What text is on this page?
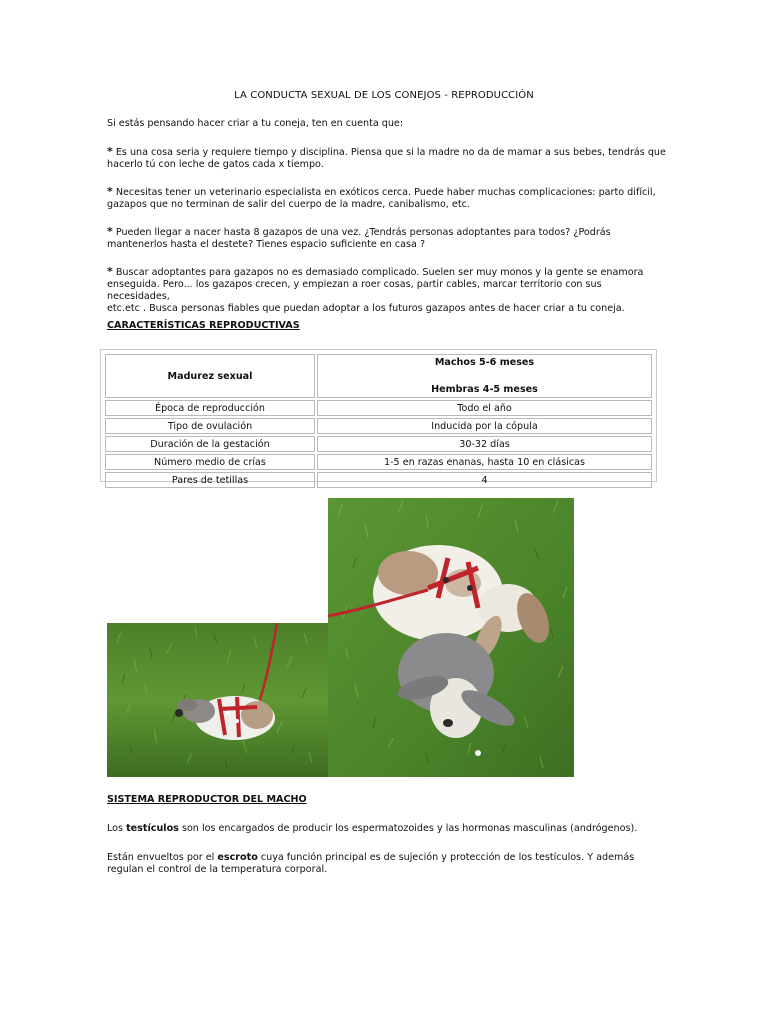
LA CONDUCTA SEXUAL DE LOS CONEJOS - REPRODUCCIÓN
Si estás pensando hacer criar a tu coneja, ten en cuenta que:
* Es una cosa seria y requiere tiempo y disciplina. Piensa que si la madre no da de mamar a sus bebes, tendrás que
hacerlo tú con leche de gatos cada x tiempo.
* Necesitas tener un veterinario especialista en exóticos cerca. Puede haber muchas complicaciones: parto difícil,
gazapos que no terminan de salir del cuerpo de la madre, canibalismo, etc.
* Pueden llegar a nacer hasta 8 gazapos de una vez. ¿Tendrás personas adoptantes para todos? ¿Podrás
mantenerlos hasta el destete? Tienes espacio suficiente en casa ?
* Buscar adoptantes para gazapos no es demasiado complicado. Suelen ser muy monos y la gente se enamora
enseguida. Pero... los gazapos crecen, y empiezan a roer cosas, partir cables, marcar territorio con sus necesidades,
etc.etc . Busca personas fiables que puedan adoptar a los futuros gazapos antes de hacer criar a tu coneja.
CARACTERÍSTICAS REPRODUCTIVAS
Madurez sexual	Machos 5-6 meses
Hembras 4-5 meses

Época de reproducción	Todo el año
Tipo de ovulación	Inducida por la cópula
Duración de la gestación	30-32 días
Número medio de crías	1-5 en razas enanas, hasta 10 en clásicas
Pares de tetillas	4
SISTEMA REPRODUCTOR DEL MACHO
Los testículos son los encargados de producir los espermatozoides y las hormonas masculinas (andrógenos).
Están envueltos por el escroto cuya función principal es de sujeción y protección de los testículos. Y además
regulan el control de la temperatura corporal.
